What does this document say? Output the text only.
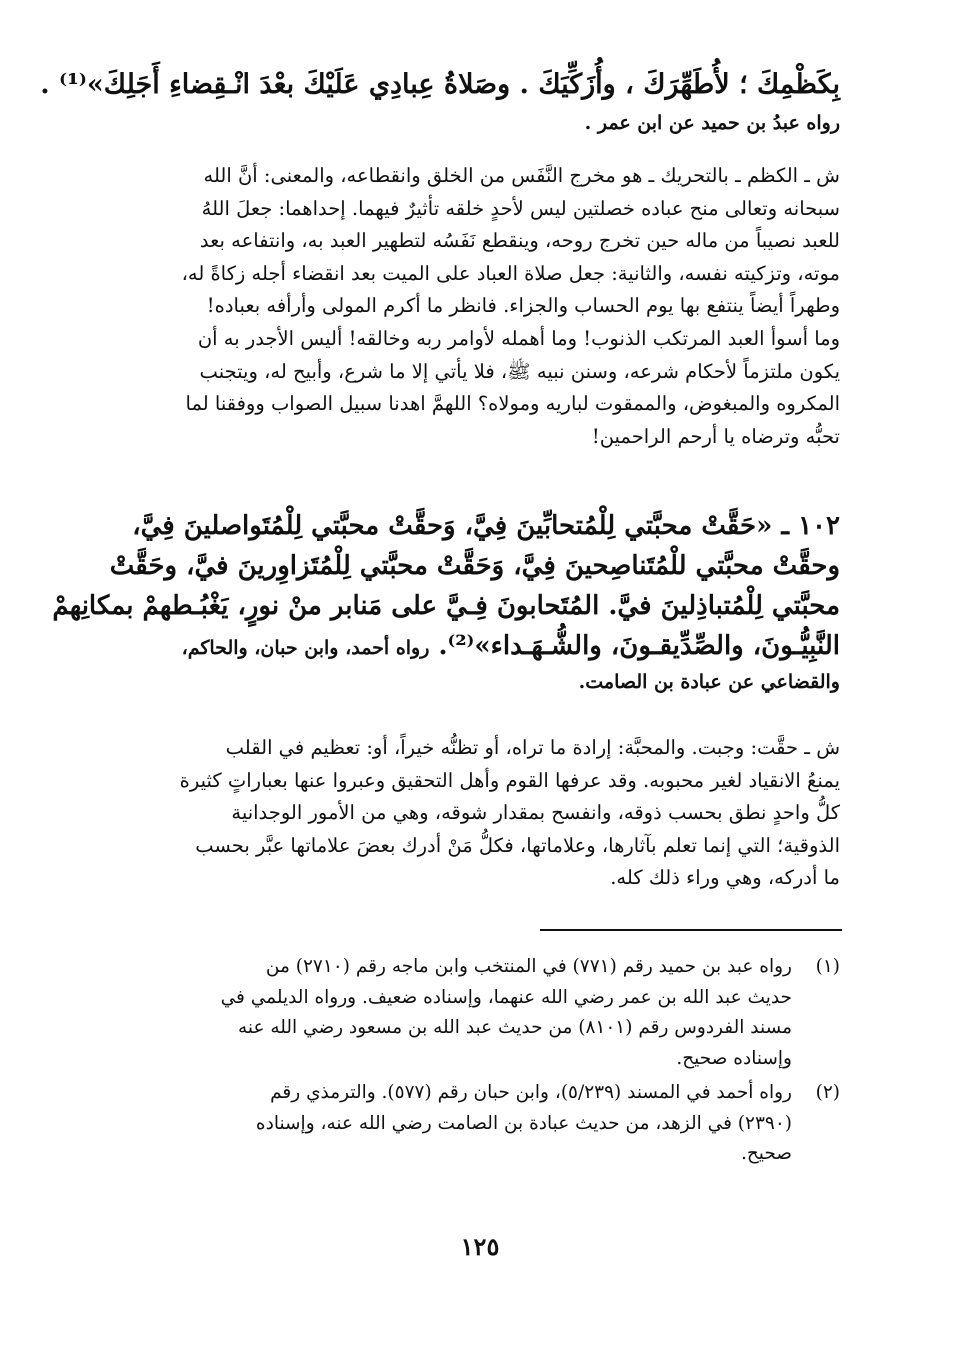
بِكَظْمِكَ ؛ لأُطَهِّرَكَ ، وأُزَكِّيَكَ . وصَلاةُ عِبادِي عَلَيْكَ بعْدَ انْـقِضاءِ أَجَلِكَ»⁽¹⁾ .
رواه عبدُ بن حميد عن ابن عمر .
ش ـ الكظم ـ بالتحريك ـ هو مخرج النَّفَس من الخلق وانقطاعه، والمعنى: أنَّ الله
سبحانه وتعالى منح عباده خصلتين ليس لأحدٍ خلقه تأثيرٌ فيهما. إحداهما: جعلَ اللهُ
للعبد نصيباً من ماله حين تخرج روحه، وينقطع نَفَسُه لتطهير العبد به، وانتفاعه بعد
موته، وتزكيته نفسه، والثانية: جعل صلاة العباد على الميت بعد انقضاء أجله زكاةً له،
وطهراً أيضاً ينتفع بها يوم الحساب والجزاء. فانظر ما أكرم المولى وأرأفه بعباده!
وما أسوأ العبد المرتكب الذنوب! وما أهمله لأوامر ربه وخالقه! أليس الأجدر به أن
يكون ملتزماً لأحكام شرعه، وسنن نبيه ﷺ، فلا يأتي إلا ما شرع، وأبيح له، ويتجنب
المكروه والمبغوض، والممقوت لباريه ومولاه؟ اللهمَّ اهدنا سبيل الصواب ووفقنا لما
تحبُّه وترضاه يا أرحم الراحمين!
١٠٢ ـ «حَقَّتْ محبَّتي لِلْمُتحابِّينَ فِيَّ، وَحقَّتْ محبَّتي لِلْمُتَواصلينَ فِيَّ،
وحقَّتْ محبَّتي للْمُتَناصِحينَ فِيَّ، وَحَقَّتْ محبَّتي لِلْمُتَزاوِرينَ فيَّ، وحَقَّتْ
محبَّتي لِلْمُتباذِلينَ فيَّ. المُتَحابونَ فِـيَّ على مَنابر منْ نورٍ، يَغْبُـطهمْ بمكانِهمْ
النَّبِيُّـونَ، والصِّدِّيقـونَ، والشُّـهَـداء»⁽²⁾. رواه أحمد، وابن حبان، والحاكم،
والقضاعي عن عبادة بن الصامت.
ش ـ حقَّت: وجبت. والمحبَّة: إرادة ما تراه، أو تظنُّه خيراً، أو: تعظيم في القلب
يمنعُ الانقياد لغير محبوبه. وقد عرفها القوم وأهل التحقيق وعبروا عنها بعباراتٍ كثيرة
كلُّ واحدٍ نطق بحسب ذوقه، وانفسح بمقدار شوقه، وهي من الأمور الوجدانية
الذوقية؛ التي إنما تعلم بآثارها، وعلاماتها، فكلُّ مَنْ أدرك بعضَ علاماتها عبَّر بحسب
ما أدركه، وهي وراء ذلك كله.
(١)
رواه عبد بن حميد رقم (٧٧١) في المنتخب وابن ماجه رقم (٢٧١٠) من
حديث عبد الله بن عمر رضي الله عنهما، وإسناده ضعيف. ورواه الديلمي في
مسند الفردوس رقم (٨١٠١) من حديث عبد الله بن مسعود رضي الله عنه
وإسناده صحيح.
(٢)
رواه أحمد في المسند (٥/٢٣٩)، وابن حبان رقم (٥٧٧). والترمذي رقم
(٢٣٩٠) في الزهد، من حديث عبادة بن الصامت رضي الله عنه، وإسناده
صحيح.
١٢٥
